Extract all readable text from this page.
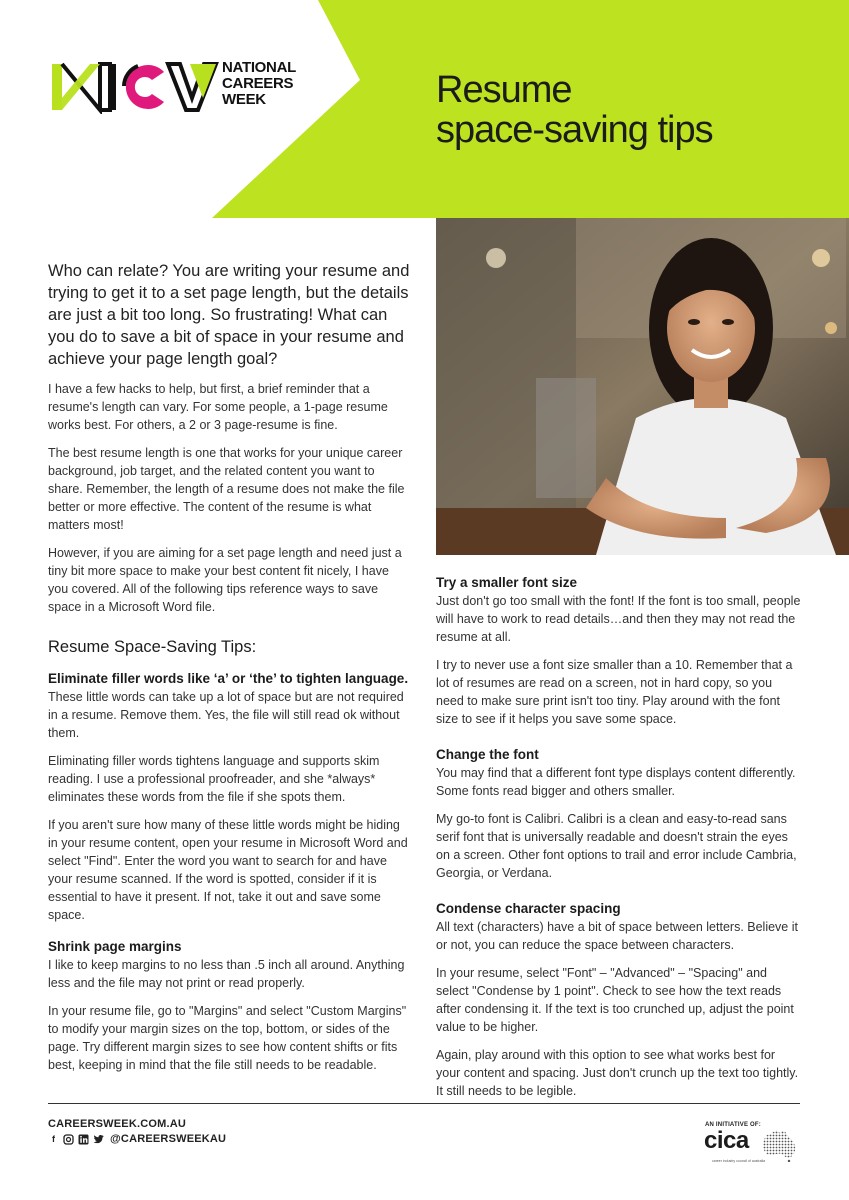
NATIONAL
CAREERS
WEEK	Resume
space-saving tips

Who can relate? You are writing your resume and trying to get it to a set page length, but the details are just a bit too long. So frustrating! What can you do to save a bit of space in your resume and achieve your page length goal?

I have a few hacks to help, but first, a brief reminder that a resume's length can vary. For some people, a 1-page resume works best. For others, a 2 or 3 page-resume is fine.

The best resume length is one that works for your unique career background, job target, and the related content you want to share. Remember, the length of a resume does not make the file better or more effective. The content of the resume is what matters most!

However, if you are aiming for a set page length and need just a tiny bit more space to make your best content fit nicely, I have you covered. All of the following tips reference ways to save space in a Microsoft Word file.

Resume Space-Saving Tips:
Eliminate filler words like ‘a’ or ‘the’ to tighten language.

These little words can take up a lot of space but are not required in a resume. Remove them. Yes, the file will still read ok without them.

Eliminating filler words tightens language and supports skim reading. I use a professional proofreader, and she *always* eliminates these words from the file if she spots them.

If you aren't sure how many of these little words might be hiding in your resume content, open your resume in Microsoft Word and select "Find". Enter the word you want to search for and have your resume scanned. If the word is spotted, consider if it is essential to have it present. If not, take it out and save some space.

Shrink page margins

I like to keep margins to no less than .5 inch all around. Anything less and the file may not print or read properly.

In your resume file, go to "Margins" and select "Custom Margins" to modify your margin sizes on the top, bottom, or sides of the page. Try different margin sizes to see how content shifts or fits best, keeping in mind that the file still needs to be readable.

Try a smaller font size

Just don't go too small with the font! If the font is too small, people will have to work to read details…and then they may not read the resume at all.

I try to never use a font size smaller than a 10. Remember that a lot of resumes are read on a screen, not in hard copy, so you need to make sure print isn't too tiny. Play around with the font size to see if it helps you save some space.

Change the font

You may find that a different font type displays content differently. Some fonts read bigger and others smaller.

My go-to font is Calibri. Calibri is a clean and easy-to-read sans serif font that is universally readable and doesn't strain the eyes on a screen. Other font options to trail and error include Cambria, Georgia, or Verdana.

Condense character spacing

All text (characters) have a bit of space between letters. Believe it or not, you can reduce the space between characters.

In your resume, select "Font" – "Advanced" – "Spacing" and select "Condense by 1 point". Check to see how the text reads after condensing it. If the text is too crunched up, adjust the point value to be higher.

Again, play around with this option to see what works best for your content and spacing. Just don't crunch up the text too tightly. It still needs to be legible.

CAREERSWEEK.COM.AU
f	@CAREERSWEEKAU
AN INITIATIVE OF:
cica
career industry council of australia
